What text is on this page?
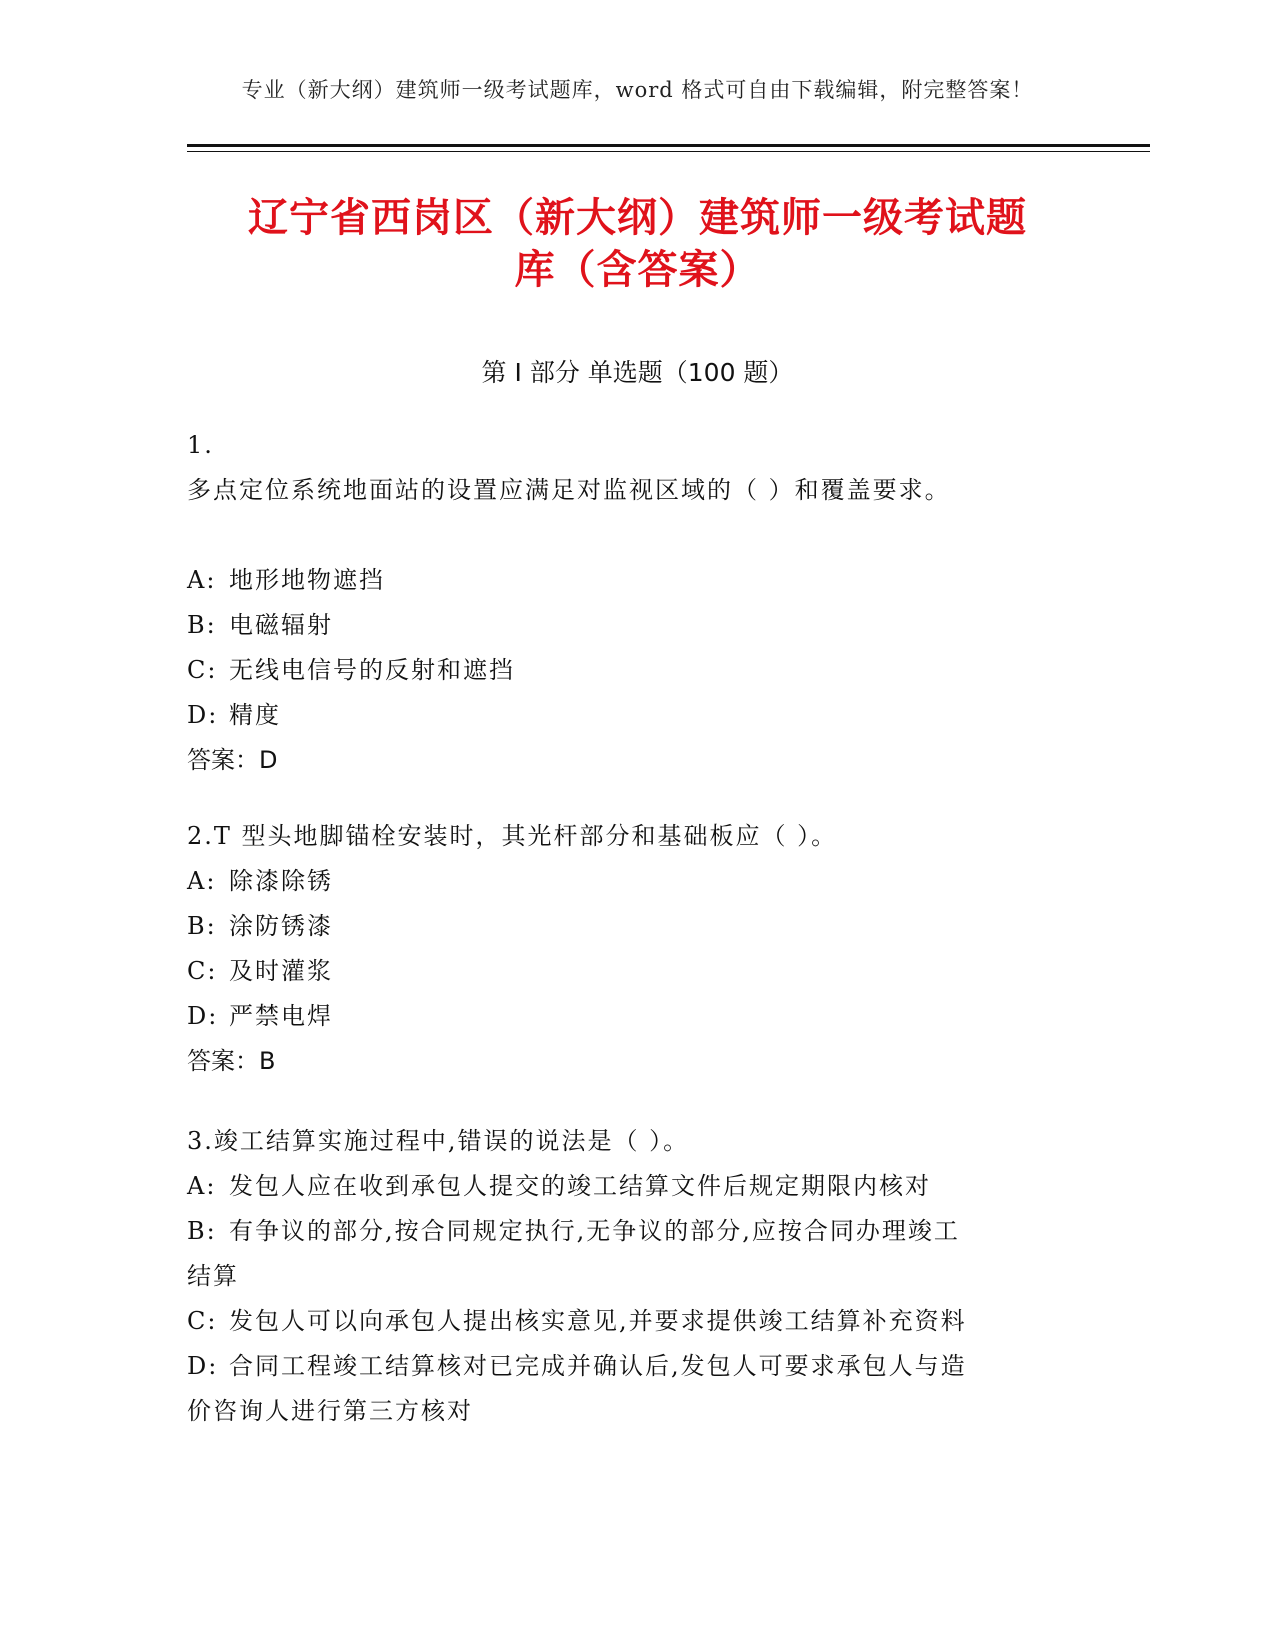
专业（新大纲）建筑师一级考试题库，word 格式可自由下载编辑，附完整答案！
辽宁省西岗区（新大纲）建筑师一级考试题
库（含答案）
第 I 部分 单选题（100 题）
1.
多点定位系统地面站的设置应满足对监视区域的（ ）和覆盖要求。
A: 地形地物遮挡
B: 电磁辐射
C: 无线电信号的反射和遮挡
D: 精度
答案：D
2.T 型头地脚锚栓安装时，其光杆部分和基础板应（ ）。
A: 除漆除锈
B: 涂防锈漆
C: 及时灌浆
D: 严禁电焊
答案：B
3.竣工结算实施过程中,错误的说法是（ ）。
A: 发包人应在收到承包人提交的竣工结算文件后规定期限内核对
B: 有争议的部分,按合同规定执行,无争议的部分,应按合同办理竣工
结算
C: 发包人可以向承包人提出核实意见,并要求提供竣工结算补充资料
D: 合同工程竣工结算核对已完成并确认后,发包人可要求承包人与造
价咨询人进行第三方核对
